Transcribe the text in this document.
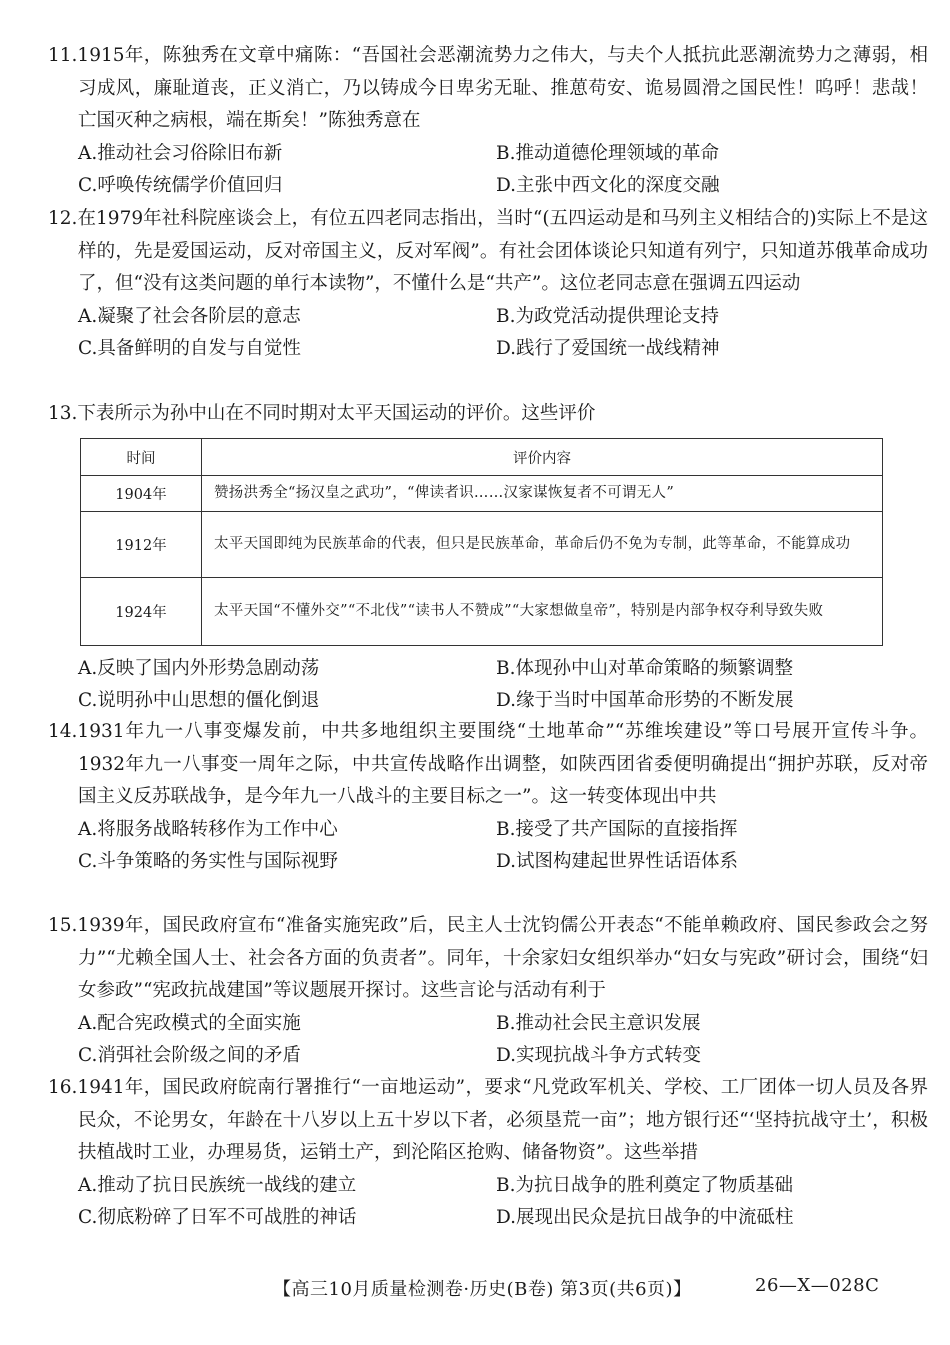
11.1915年，陈独秀在文章中痛陈：“吾国社会恶潮流势力之伟大，与夫个人抵抗此恶潮流势力之薄弱，相习成风，廉耻道丧，正义消亡，乃以铸成今日卑劣无耻、推葸苟安、诡易圆滑之国民性！呜呼！悲哉！亡国灭种之病根，端在斯矣！”陈独秀意在

A.推动社会习俗除旧布新	B.推动道德伦理领域的革命
C.呼唤传统儒学价值回归	D.主张中西文化的深度交融

12.在1979年社科院座谈会上，有位五四老同志指出，当时“(五四运动是和马列主义相结合的)实际上不是这样的，先是爱国运动，反对帝国主义，反对军阀”。有社会团体谈论只知道有列宁，只知道苏俄革命成功了，但“没有这类问题的单行本读物”，不懂什么是“共产”。这位老同志意在强调五四运动

A.凝聚了社会各阶层的意志	B.为政党活动提供理论支持
C.具备鲜明的自发与自觉性	D.践行了爱国统一战线精神

13.下表所示为孙中山在不同时期对太平天国运动的评价。这些评价

时间	评价内容
1904年	赞扬洪秀全“扬汉皇之武功”，“俾读者识……汉家谋恢复者不可谓无人”
1912年	太平天国即纯为民族革命的代表，但只是民族革命，革命后仍不免为专制，此等革命，不能算成功
1924年	太平天国“不懂外交”“不北伐”“读书人不赞成”“大家想做皇帝”，特别是内部争权夺利导致失败
A.反映了国内外形势急剧动荡	B.体现孙中山对革命策略的频繁调整
C.说明孙中山思想的僵化倒退	D.缘于当时中国革命形势的不断发展

14.1931年九一八事变爆发前，中共多地组织主要围绕“土地革命”“苏维埃建设”等口号展开宣传斗争。1932年九一八事变一周年之际，中共宣传战略作出调整，如陕西团省委便明确提出“拥护苏联，反对帝国主义反苏联战争，是今年九一八战斗的主要目标之一”。这一转变体现出中共

A.将服务战略转移作为工作中心	B.接受了共产国际的直接指挥
C.斗争策略的务实性与国际视野	D.试图构建起世界性话语体系

15.1939年，国民政府宣布“准备实施宪政”后，民主人士沈钧儒公开表态“不能单赖政府、国民参政会之努力”“尤赖全国人士、社会各方面的负责者”。同年，十余家妇女组织举办“妇女与宪政”研讨会，围绕“妇女参政”“宪政抗战建国”等议题展开探讨。这些言论与活动有利于

A.配合宪政模式的全面实施	B.推动社会民主意识发展
C.消弭社会阶级之间的矛盾	D.实现抗战斗争方式转变

16.1941年，国民政府皖南行署推行“一亩地运动”，要求“凡党政军机关、学校、工厂团体一切人员及各界民众，不论男女，年龄在十八岁以上五十岁以下者，必须垦荒一亩”；地方银行还“‘坚持抗战守土’，积极扶植战时工业，办理易货，运销土产，到沦陷区抢购、储备物资”。这些举措

A.推动了抗日民族统一战线的建立	B.为抗日战争的胜利奠定了物质基础
C.彻底粉碎了日军不可战胜的神话	D.展现出民众是抗日战争的中流砥柱
【高三10月质量检测卷·历史(B卷) 第3页(共6页)】	26—X—028C
